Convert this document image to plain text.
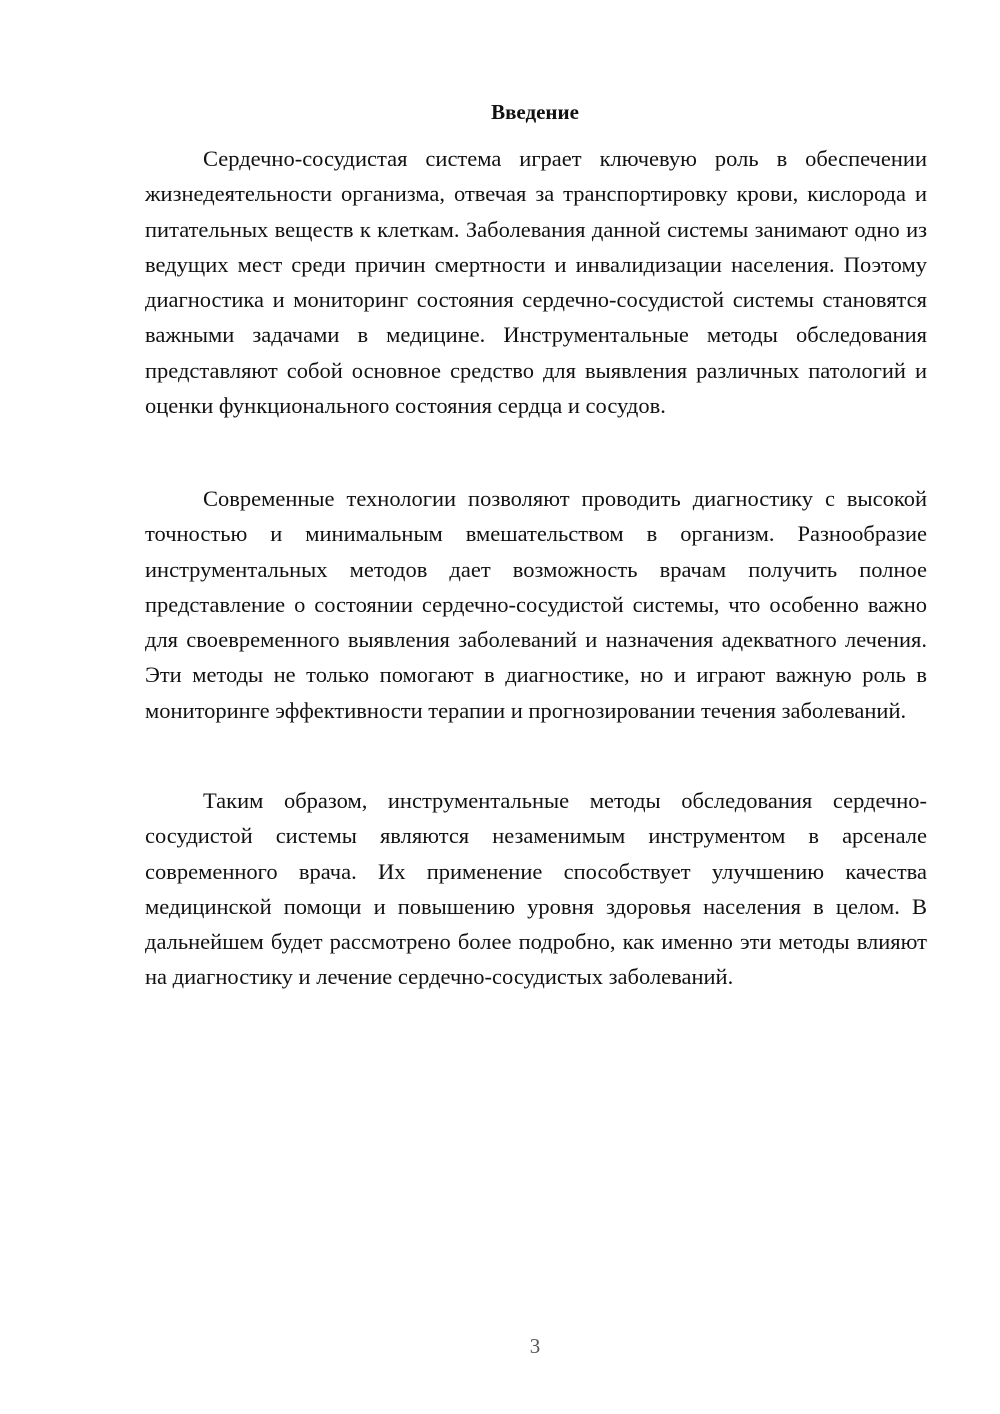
Введение

Сердечно-сосудистая система играет ключевую роль в обеспечении жизнедеятельности организма, отвечая за транспортировку крови, кислорода и питательных веществ к клеткам. Заболевания данной системы занимают одно из ведущих мест среди причин смертности и инвалидизации населения. Поэтому диагностика и мониторинг состояния сердечно-сосудистой системы становятся важными задачами в медицине. Инструментальные методы обследования представляют собой основное средство для выявления различных патологий и оценки функционального состояния сердца и сосудов.

Современные технологии позволяют проводить диагностику с высокой точностью и минимальным вмешательством в организм. Разнообразие инструментальных методов дает возможность врачам получить полное представление о состоянии сердечно-сосудистой системы, что особенно важно для своевременного выявления заболеваний и назначения адекватного лечения. Эти методы не только помогают в диагностике, но и играют важную роль в мониторинге эффективности терапии и прогнозировании течения заболеваний.

Таким образом, инструментальные методы обследования сердечно-сосудистой системы являются незаменимым инструментом в арсенале современного врача. Их применение способствует улучшению качества медицинской помощи и повышению уровня здоровья населения в целом. В дальнейшем будет рассмотрено более подробно, как именно эти методы влияют на диагностику и лечение сердечно-сосудистых заболеваний.

3
